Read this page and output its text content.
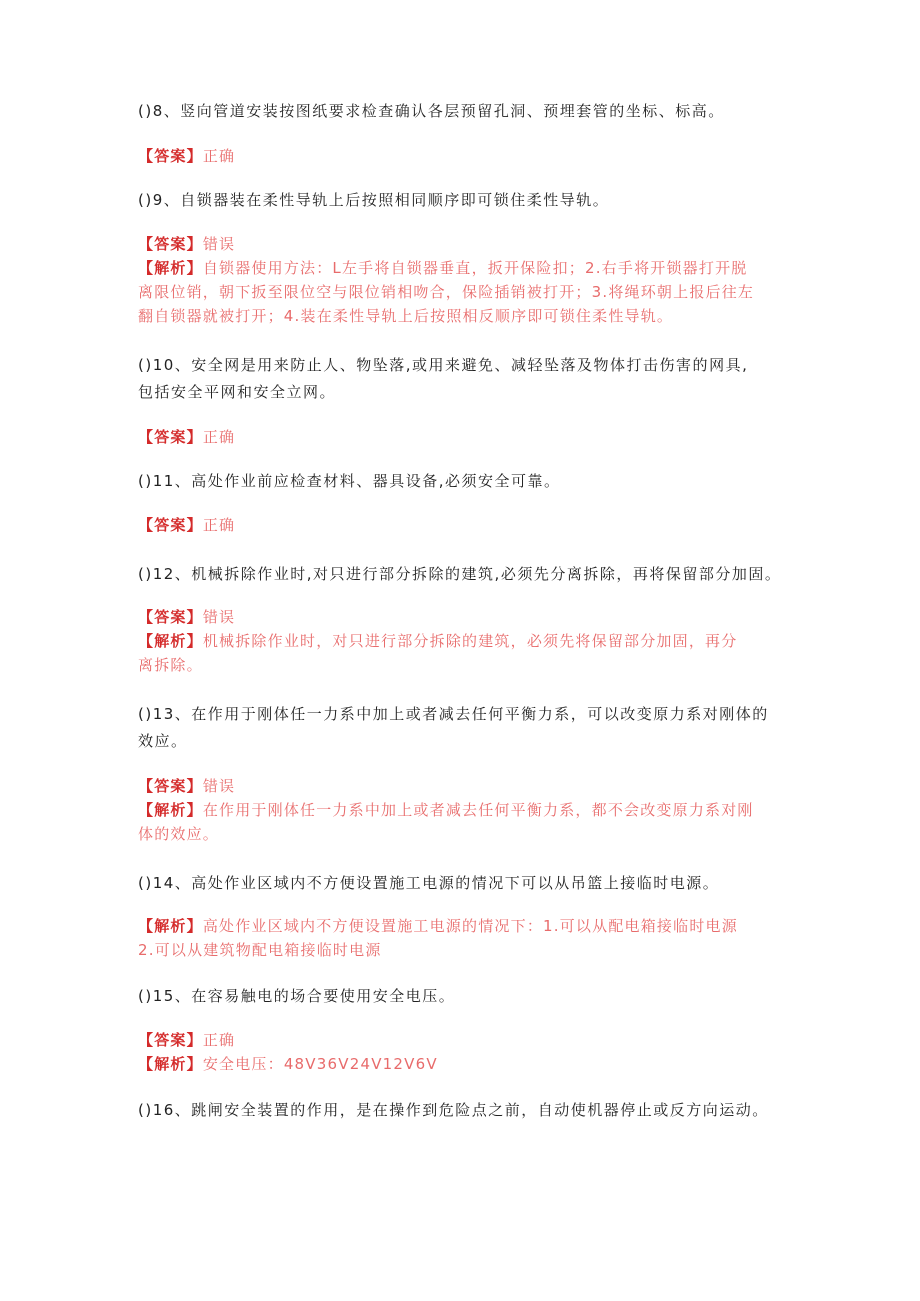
()8、竖向管道安装按图纸要求检查确认各层预留孔洞、预埋套管的坐标、标高。
【答案】正确
()9、自锁器装在柔性导轨上后按照相同顺序即可锁住柔性导轨。
【答案】错误
【解析】自锁器使用方法：L左手将自锁器垂直，扳开保险扣；2.右手将开锁器打开脱
离限位销，朝下扳至限位空与限位销相吻合，保险插销被打开；3.将绳环朝上报后往左
翻自锁器就被打开；4.装在柔性导轨上后按照相反顺序即可锁住柔性导轨。
()10、安全网是用来防止人、物坠落,或用来避免、减轻坠落及物体打击伤害的网具,
包括安全平网和安全立网。
【答案】正确
()11、高处作业前应检查材料、器具设备,必须安全可靠。
【答案】正确
()12、机械拆除作业时,对只进行部分拆除的建筑,必须先分离拆除，再将保留部分加固。
【答案】错误
【解析】机械拆除作业时，对只进行部分拆除的建筑，必须先将保留部分加固，再分
离拆除。
()13、在作用于刚体任一力系中加上或者减去任何平衡力系，可以改变原力系对刚体的
效应。
【答案】错误
【解析】在作用于刚体任一力系中加上或者减去任何平衡力系，都不会改变原力系对刚
体的效应。
()14、高处作业区域内不方便设置施工电源的情况下可以从吊篮上接临时电源。
【解析】高处作业区域内不方便设置施工电源的情况下：1.可以从配电箱接临时电源
2.可以从建筑物配电箱接临时电源
()15、在容易触电的场合要使用安全电压。
【答案】正确
【解析】安全电压：48V36V24V12V6V
()16、跳闸安全装置的作用，是在操作到危险点之前，自动使机器停止或反方向运动。
